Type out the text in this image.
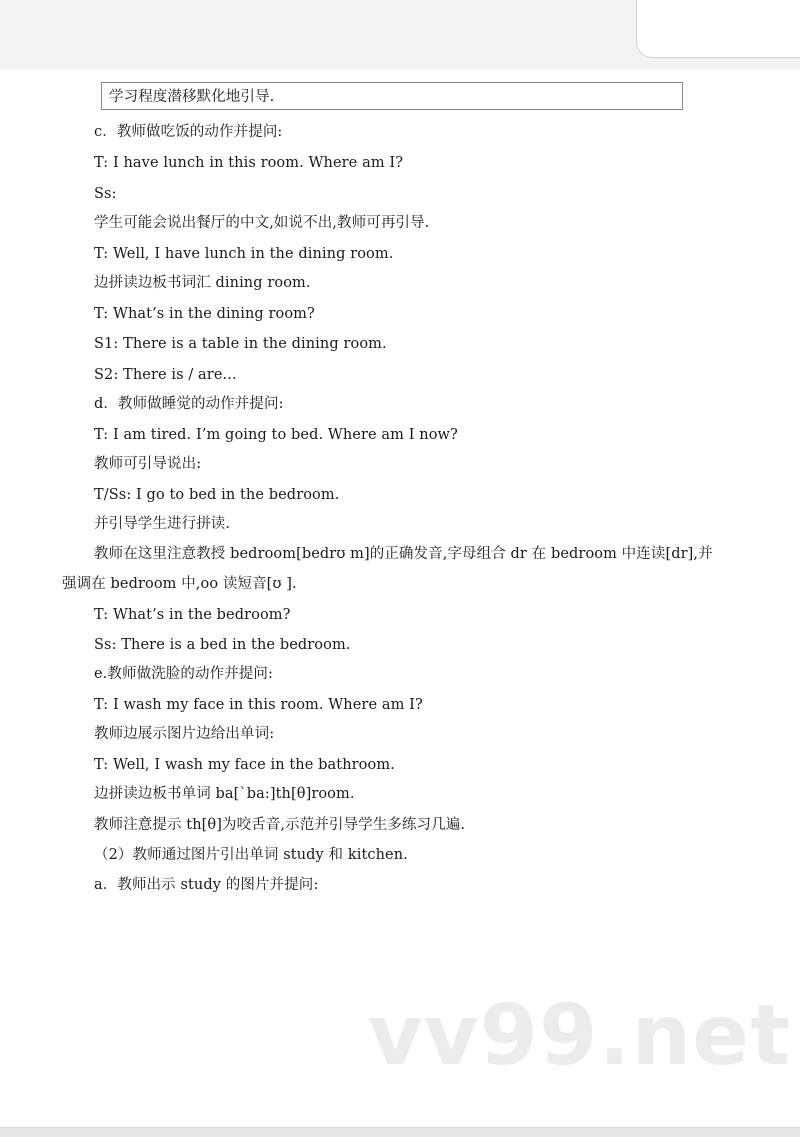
学习程度潜移默化地引导.
c．教师做吃饭的动作并提问:
T: I have lunch in this room. Where am I?
Ss:
学生可能会说出餐厅的中文,如说不出,教师可再引导.
T: Well, I have lunch in the dining room.
边拼读边板书词汇 dining room.
T: What’s in the dining room?
S1: There is a table in the dining room.
S2: There is / are...
d．教师做睡觉的动作并提问:
T: I am tired. I’m going to bed. Where am I now?
教师可引导说出:
T/Ss: I go to bed in the bedroom.
并引导学生进行拼读.
教师在这里注意教授 bedroom[bedrʊ m]的正确发音,字母组合 dr 在 bedroom 中连读[dr],并
强调在 bedroom 中,oo 读短音[ʊ ].
T: What’s in the bedroom?
Ss: There is a bed in the bedroom.
e.教师做洗脸的动作并提问:
T: I wash my face in this room. Where am I?
教师边展示图片边给出单词:
T: Well, I wash my face in the bathroom.
边拼读边板书单词 ba[`ba:]th[θ]room.
教师注意提示 th[θ]为咬舌音,示范并引导学生多练习几遍.
（2）教师通过图片引出单词 study 和 kitchen.
a．教师出示 study 的图片并提问:
vv99.net
